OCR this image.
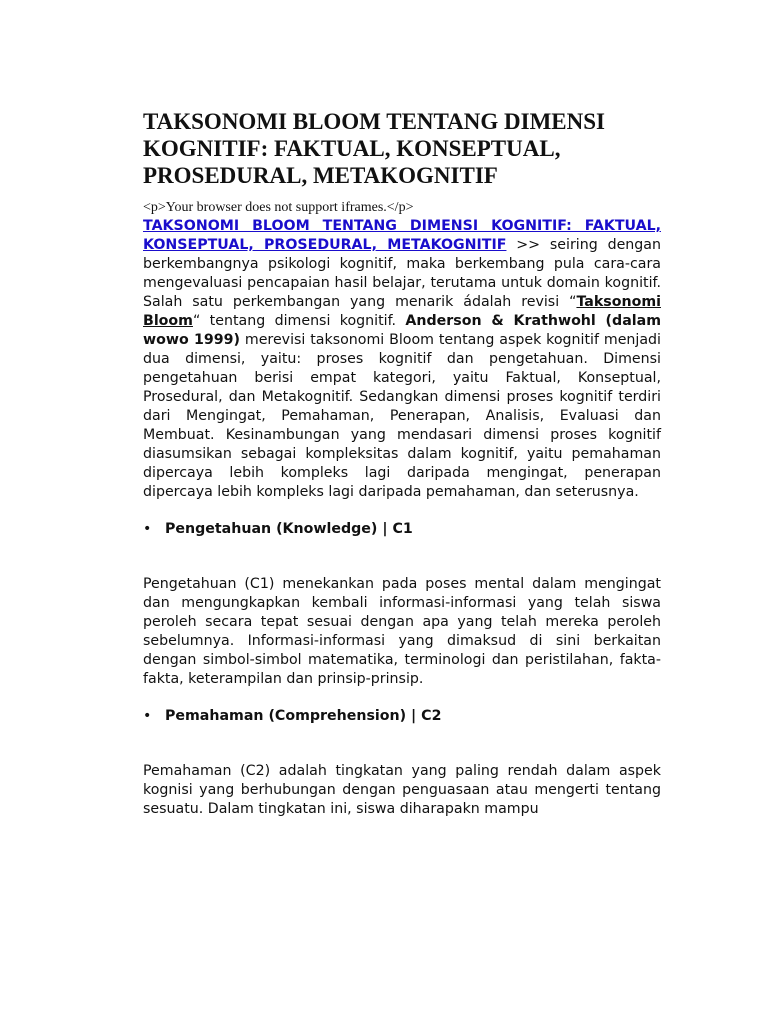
TAKSONOMI BLOOM TENTANG DIMENSI
KOGNITIF: FAKTUAL, KONSEPTUAL,
PROSEDURAL, METAKOGNITIF

<p>Your browser does not support iframes.</p>

TAKSONOMI BLOOM TENTANG DIMENSI KOGNITIF: FAKTUAL, KONSEPTUAL, PROSEDURAL, METAKOGNITIF >> seiring dengan berkembangnya psikologi kognitif, maka berkembang pula cara-cara mengevaluasi pencapaian hasil belajar, terutama untuk domain kognitif. Salah satu perkembangan yang menarik ádalah revisi “Taksonomi Bloom“ tentang dimensi kognitif. Anderson & Krathwohl (dalam wowo 1999) merevisi taksonomi Bloom tentang aspek kognitif menjadi dua dimensi, yaitu: proses kognitif dan pengetahuan. Dimensi pengetahuan berisi empat kategori, yaitu Faktual, Konseptual, Prosedural, dan Metakognitif. Sedangkan dimensi proses kognitif terdiri dari Mengingat, Pemahaman, Penerapan, Analisis, Evaluasi dan Membuat. Kesinambungan yang mendasari dimensi proses kognitif diasumsikan sebagai kompleksitas dalam kognitif, yaitu pemahaman dipercaya lebih kompleks lagi daripada mengingat, penerapan dipercaya lebih kompleks lagi daripada pemahaman, dan seterusnya.

• Pengetahuan (Knowledge) | C1

Pengetahuan (C1) menekankan pada poses mental dalam mengingat dan mengungkapkan kembali informasi-informasi yang telah siswa peroleh secara tepat sesuai dengan apa yang telah mereka peroleh sebelumnya. Informasi-informasi yang dimaksud di sini berkaitan dengan simbol-simbol matematika, terminologi dan peristilahan, fakta-fakta, keterampilan dan prinsip-prinsip.

• Pemahaman (Comprehension) | C2

Pemahaman (C2) adalah tingkatan yang paling rendah dalam aspek kognisi yang berhubungan dengan penguasaan atau mengerti tentang sesuatu. Dalam tingkatan ini, siswa diharapakn mampu
